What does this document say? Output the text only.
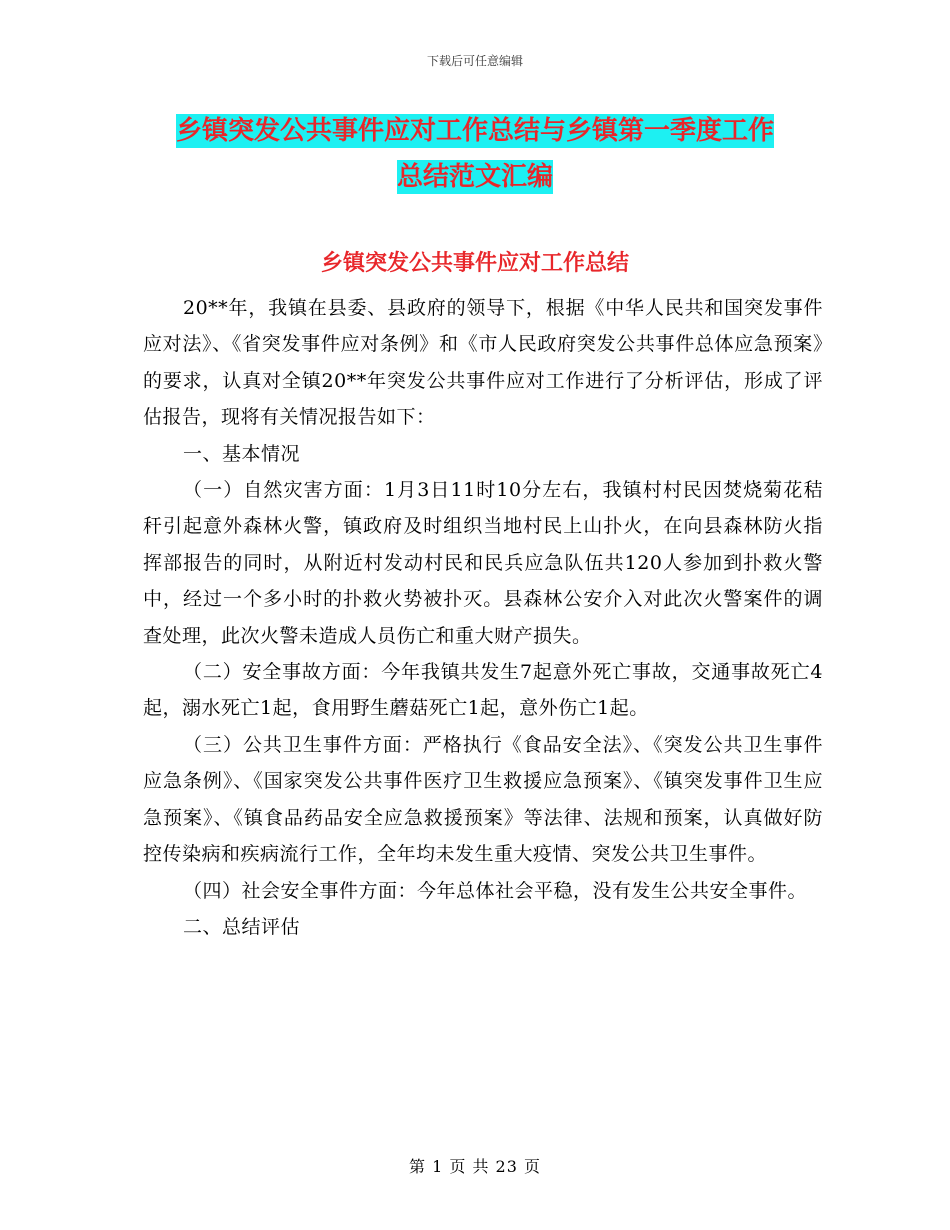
下载后可任意编辑
乡镇突发公共事件应对工作总结与乡镇第一季度工作
总结范文汇编
乡镇突发公共事件应对工作总结

20**年，我镇在县委、县政府的领导下，根据《中华人民共和国突发事件应对法》、《省突发事件应对条例》和《市人民政府突发公共事件总体应急预案》的要求，认真对全镇20**年突发公共事件应对工作进行了分析评估，形成了评估报告，现将有关情况报告如下：

一、基本情况

（一）自然灾害方面：1月3日11时10分左右，我镇村村民因焚烧菊花秸秆引起意外森林火警，镇政府及时组织当地村民上山扑火，在向县森林防火指挥部报告的同时，从附近村发动村民和民兵应急队伍共120人参加到扑救火警中，经过一个多小时的扑救火势被扑灭。县森林公安介入对此次火警案件的调查处理，此次火警未造成人员伤亡和重大财产损失。

（二）安全事故方面：今年我镇共发生7起意外死亡事故，交通事故死亡4起，溺水死亡1起，食用野生蘑菇死亡1起，意外伤亡1起。

（三）公共卫生事件方面：严格执行《食品安全法》、《突发公共卫生事件应急条例》、《国家突发公共事件医疗卫生救援应急预案》、《镇突发事件卫生应急预案》、《镇食品药品安全应急救援预案》等法律、法规和预案，认真做好防控传染病和疾病流行工作，全年均未发生重大疫情、突发公共卫生事件。

（四）社会安全事件方面：今年总体社会平稳，没有发生公共安全事件。

二、总结评估

第 1 页 共 23 页
